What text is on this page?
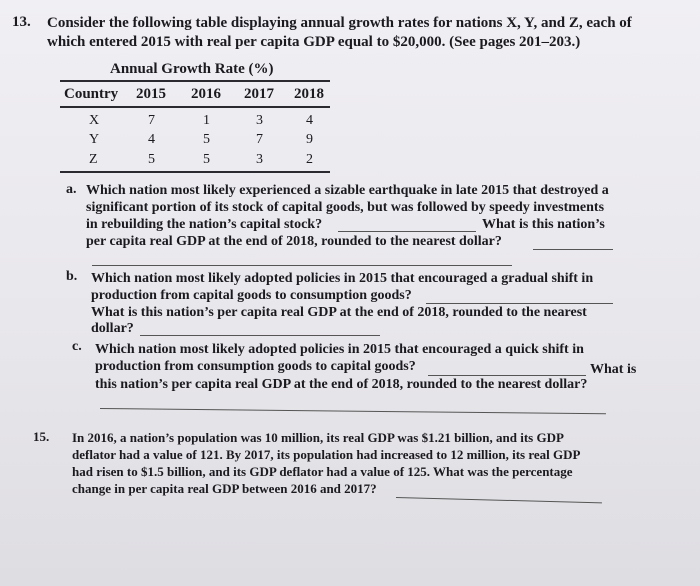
13. Consider the following table displaying annual growth rates for nations X, Y, and Z, each of
which entered 2015 with real per capita GDP equal to $20,000. (See pages 201–203.)
Annual Growth Rate (%)
Country 2015 2016 2017 2018
X	7	1	3	4
Y	4	5	7	9
Z	5	5	3	2
a. Which nation most likely experienced a sizable earthquake in late 2015 that destroyed a
significant portion of its stock of capital goods, but was followed by speedy investments
in rebuilding the nation’s capital stock?	What is this nation’s
per capita real GDP at the end of 2018, rounded to the nearest dollar?
b. Which nation most likely adopted policies in 2015 that encouraged a gradual shift in
production from capital goods to consumption goods?
What is this nation’s per capita real GDP at the end of 2018, rounded to the nearest
dollar?
c. Which nation most likely adopted policies in 2015 that encouraged a quick shift in
production from consumption goods to capital goods?	What is
this nation’s per capita real GDP at the end of 2018, rounded to the nearest dollar?
15. In 2016, a nation’s population was 10 million, its real GDP was $1.21 billion, and its GDP
deflator had a value of 121. By 2017, its population had increased to 12 million, its real GDP
had risen to $1.5 billion, and its GDP deflator had a value of 125. What was the percentage
change in per capita real GDP between 2016 and 2017?
